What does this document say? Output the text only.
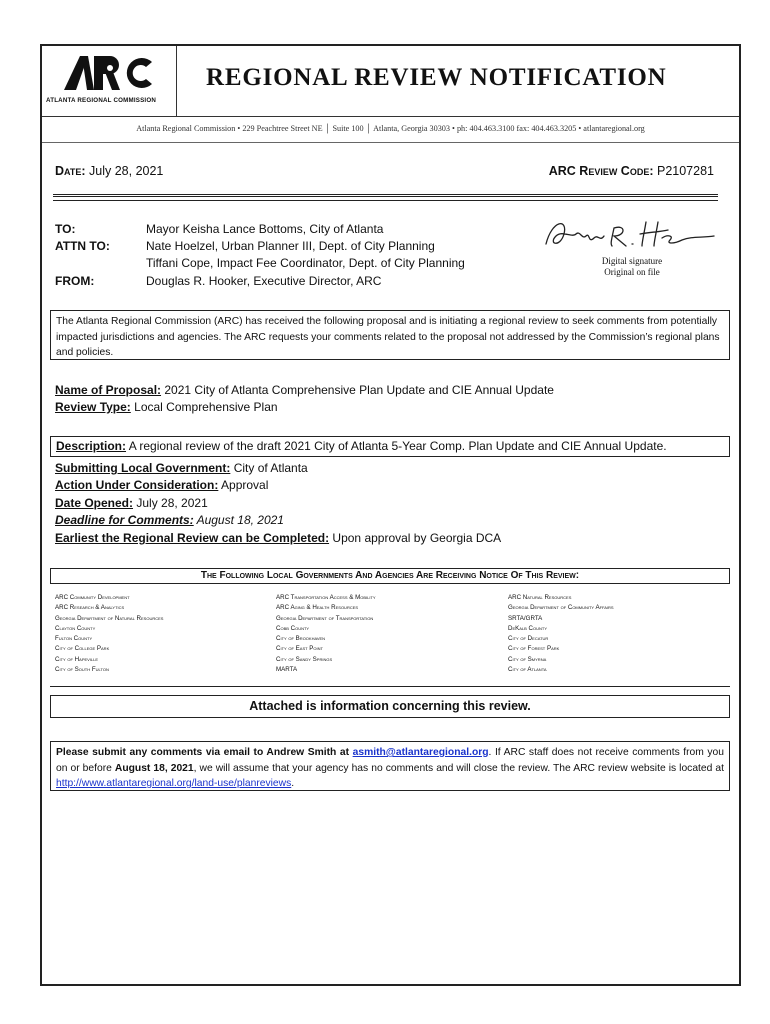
ATLANTA REGIONAL COMMISSION
REGIONAL REVIEW NOTIFICATION
Atlanta Regional Commission • 229 Peachtree Street NE │ Suite 100 │ Atlanta, Georgia 30303 • ph: 404.463.3100 fax: 404.463.3205 • atlantaregional.org
Date: July 28, 2021	ARC Review Code: P2107281
TO:	Mayor Keisha Lance Bottoms, City of Atlanta
ATTN TO:	Nate Hoelzel, Urban Planner III, Dept. of City Planning
Tiffani Cope, Impact Fee Coordinator, Dept. of City Planning
FROM:	Douglas R. Hooker, Executive Director, ARC
Digital signature
Original on file
The Atlanta Regional Commission (ARC) has received the following proposal and is initiating a regional review to seek comments from potentially impacted jurisdictions and agencies. The ARC requests your comments related to the proposal not addressed by the Commission’s regional plans and policies.
Name of Proposal: 2021 City of Atlanta Comprehensive Plan Update and CIE Annual Update
Review Type: Local Comprehensive Plan
Description: A regional review of the draft 2021 City of Atlanta 5-Year Comp. Plan Update and CIE Annual Update.
Submitting Local Government: City of Atlanta
Action Under Consideration: Approval
Date Opened: July 28, 2021
Deadline for Comments: August 18, 2021
Earliest the Regional Review can be Completed: Upon approval by Georgia DCA
The Following Local Governments And Agencies Are Receiving Notice Of This Review:
ARC Community Development
ARC Research & Analytics
Georgia Department of Natural Resources
Clayton County
Fulton County
City of College Park
City of Hapeville
City of South Fulton
ARC Transportation Access & Mobility
ARC Aging & Health Resources
Georgia Department of Transportation
Cobb County
City of Brookhaven
City of East Point
City of Sandy Springs
MARTA
ARC Natural Resources
Georgia Department of Community Affairs
SRTA/GRTA
DeKalb County
City of Decatur
City of Forest Park
City of Smyrna
City of Atlanta
Attached is information concerning this review.
Please submit any comments via email to Andrew Smith at asmith@atlantaregional.org. If ARC staff does not receive comments from you on or before August 18, 2021, we will assume that your agency has no comments and will close the review. The ARC review website is located at http://www.atlantaregional.org/land-use/planreviews.
